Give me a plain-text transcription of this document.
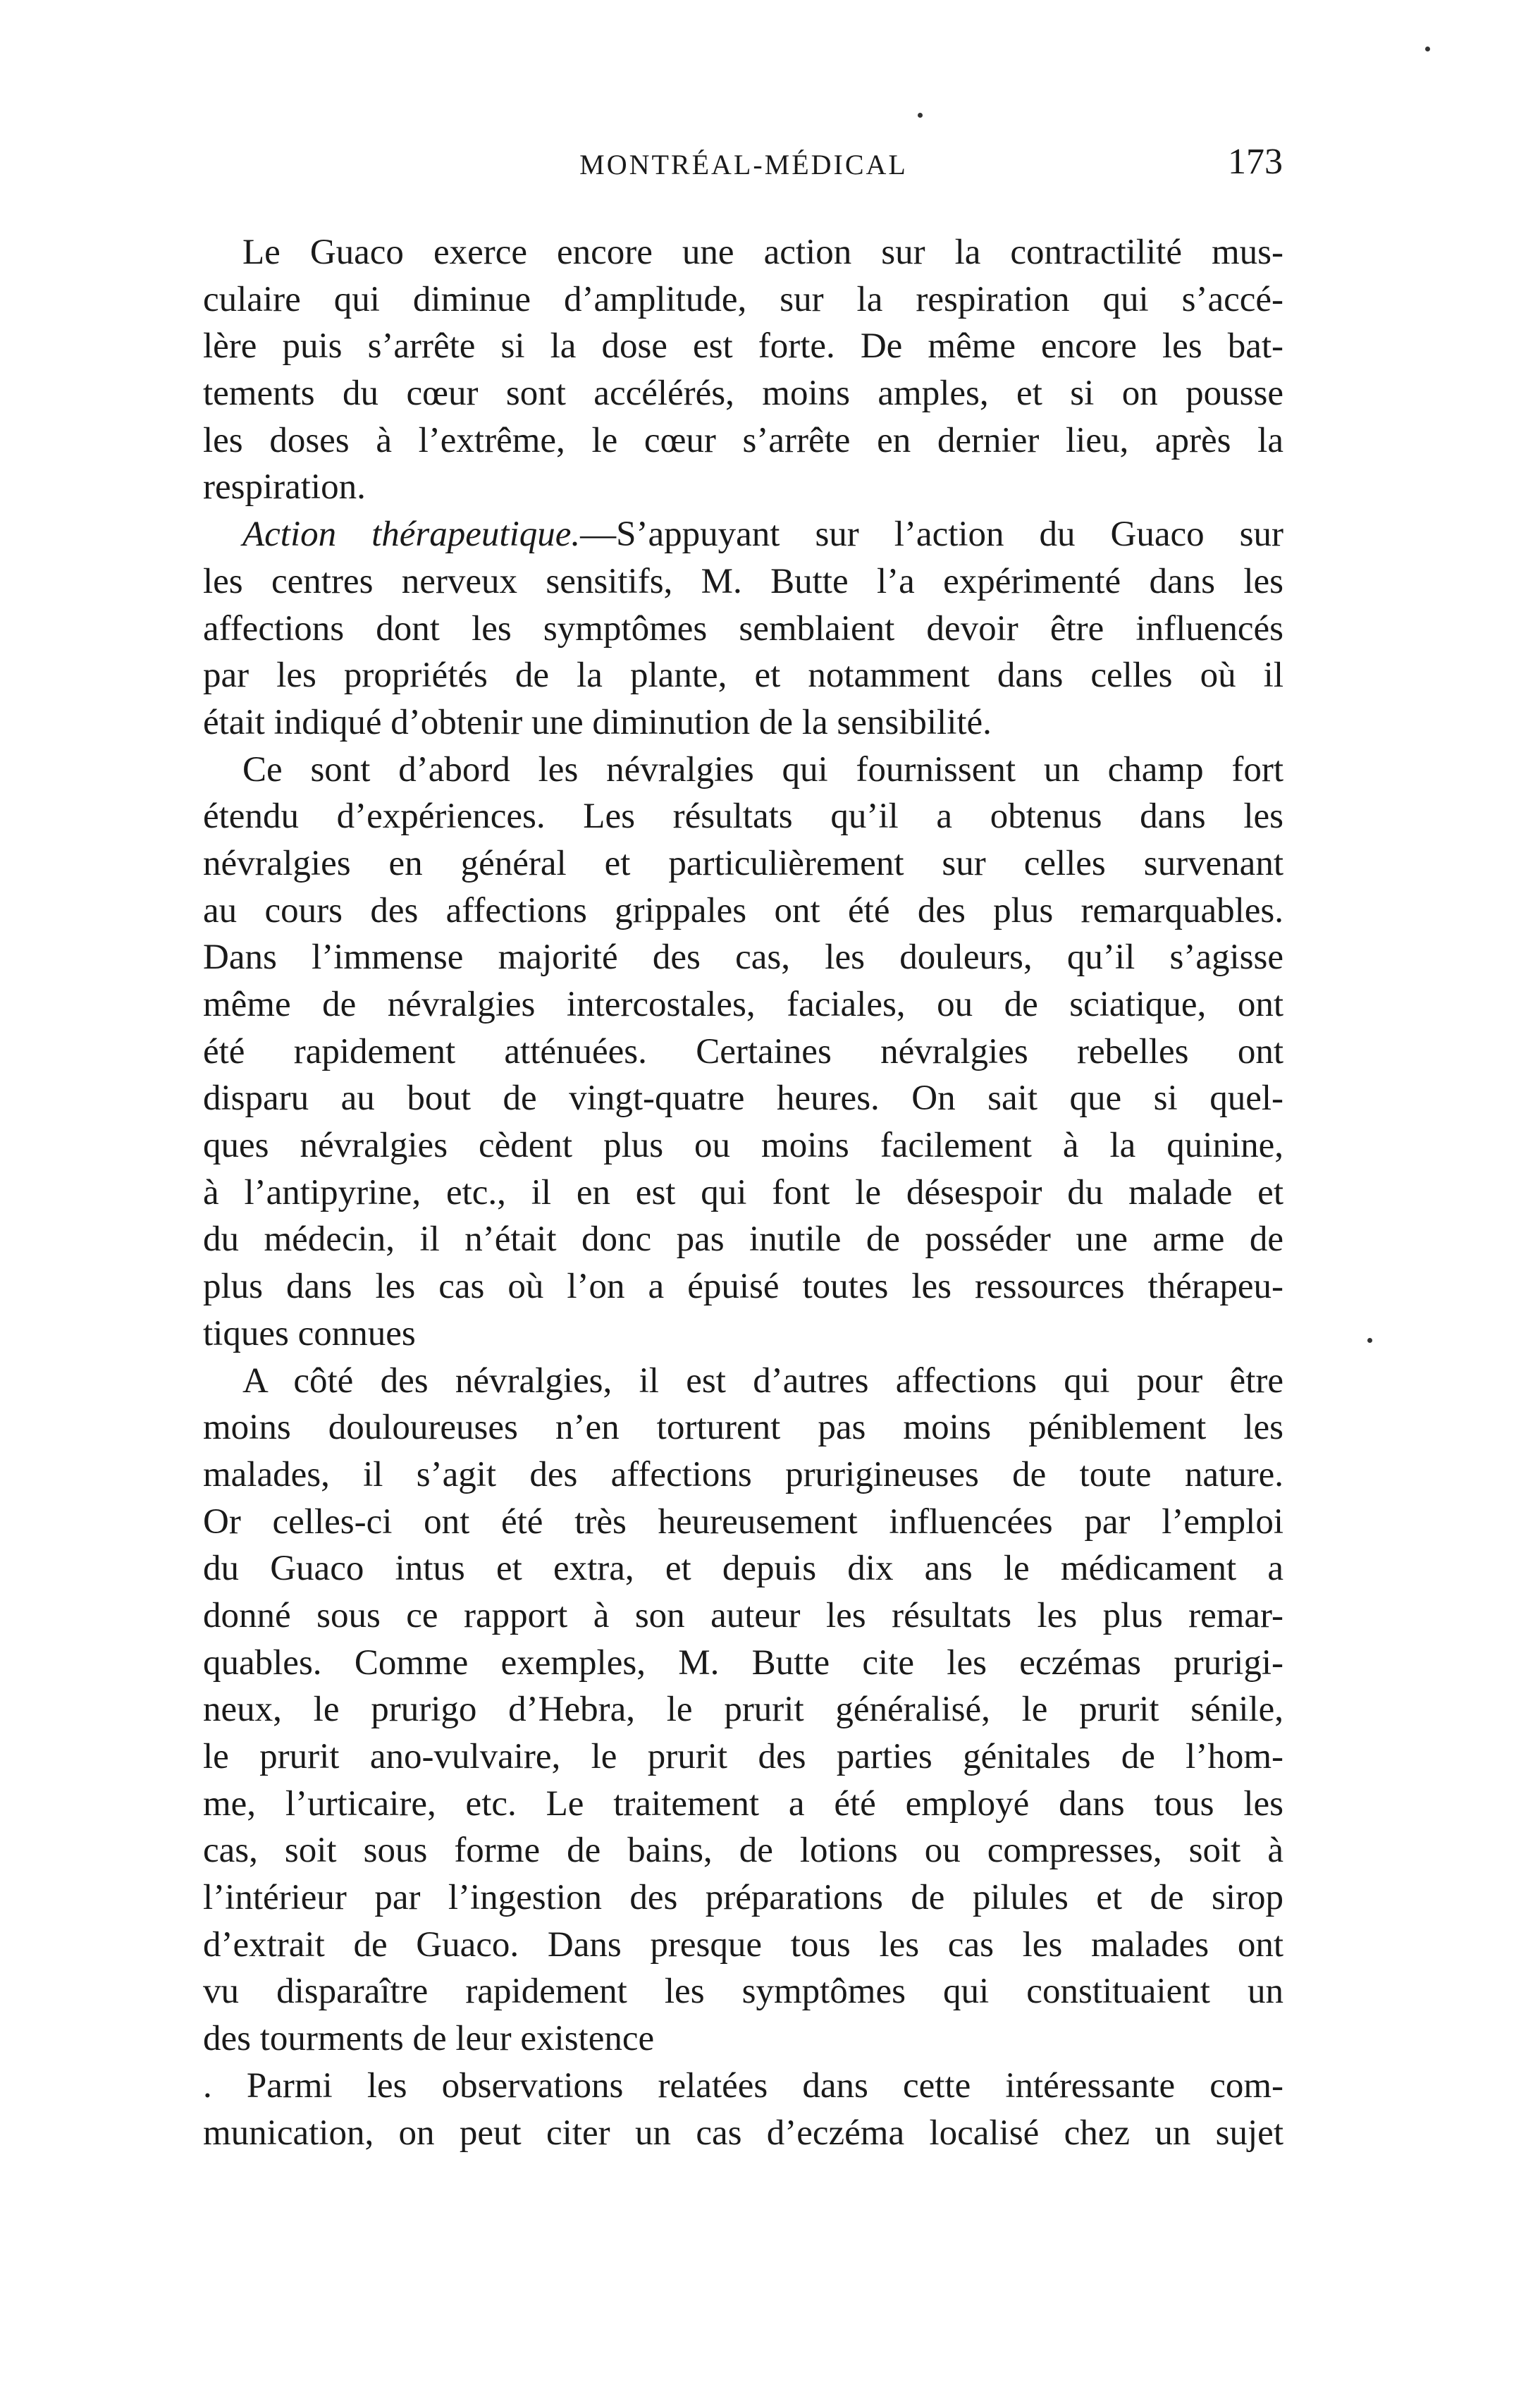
MONTRÉAL-MÉDICAL	173
Le Guaco exerce encore une action sur la contractilité mus-
culaire qui diminue d’amplitude, sur la respiration qui s’accé-
lère puis s’arrête si la dose est forte. De même encore les bat-
tements du cœur sont accélérés, moins amples, et si on pousse
les doses à l’extrême, le cœur s’arrête en dernier lieu, après la
respiration.
Action thérapeutique.—S’appuyant sur l’action du Guaco sur
les centres nerveux sensitifs, M. Butte l’a expérimenté dans les
affections dont les symptômes semblaient devoir être influencés
par les propriétés de la plante, et notamment dans celles où il
était indiqué d’obtenir une diminution de la sensibilité.
Ce sont d’abord les névralgies qui fournissent un champ fort
étendu d’expériences. Les résultats qu’il a obtenus dans les
névralgies en général et particulièrement sur celles survenant
au cours des affections grippales ont été des plus remarquables.
Dans l’immense majorité des cas, les douleurs, qu’il s’agisse
même de névralgies intercostales, faciales, ou de sciatique, ont
été rapidement atténuées. Certaines névralgies rebelles ont
disparu au bout de vingt-quatre heures. On sait que si quel-
ques névralgies cèdent plus ou moins facilement à la quinine,
à l’antipyrine, etc., il en est qui font le désespoir du malade et
du médecin, il n’était donc pas inutile de posséder une arme de
plus dans les cas où l’on a épuisé toutes les ressources thérapeu-
tiques connues
A côté des névralgies, il est d’autres affections qui pour être
moins douloureuses n’en torturent pas moins péniblement les
malades, il s’agit des affections prurigineuses de toute nature.
Or celles-ci ont été très heureusement influencées par l’emploi
du Guaco intus et extra, et depuis dix ans le médicament a
donné sous ce rapport à son auteur les résultats les plus remar-
quables. Comme exemples, M. Butte cite les eczémas prurigi-
neux, le prurigo d’Hebra, le prurit généralisé, le prurit sénile,
le prurit ano-vulvaire, le prurit des parties génitales de l’hom-
me, l’urticaire, etc. Le traitement a été employé dans tous les
cas, soit sous forme de bains, de lotions ou compresses, soit à
l’intérieur par l’ingestion des préparations de pilules et de sirop
d’extrait de Guaco. Dans presque tous les cas les malades ont
vu disparaître rapidement les symptômes qui constituaient un
des tourments de leur existence
. Parmi les observations relatées dans cette intéressante com-
munication, on peut citer un cas d’eczéma localisé chez un sujet
